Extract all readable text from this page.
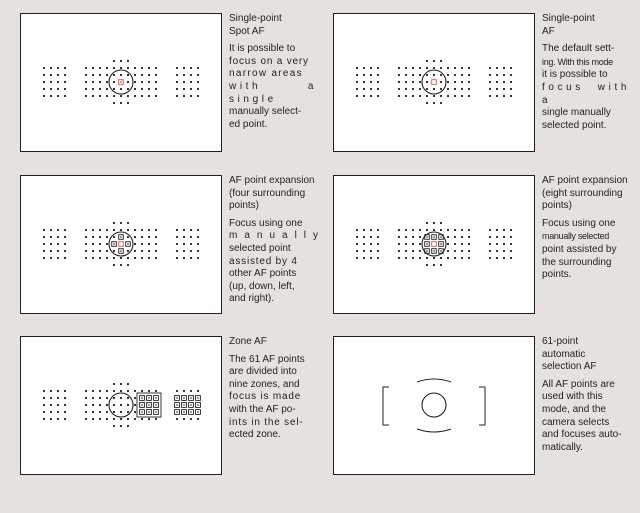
Single-point
Spot AF

It is possible to
focus on a very
narrow areas
with a single
manually select-
ed point.

Single-point
AF

The default sett-
ing. With this mode
it is possible to
focus with a
single manually
selected point.

AF point expansion
(four surrounding
points)

Focus using one
manually
selected point
assisted by 4
other AF points
(up, down, left,
and right).

AF point expansion
(eight surrounding
points)

Focus using one
manually selected
point assisted by
the surrounding
points.

Zone AF

The 61 AF points
are divided into
nine zones, and
focus is made
with the AF po-
ints in the sel-
ected zone.

61-point
automatic
selection AF

All AF points are
used with this
mode, and the
camera selects
and focuses auto-
matically.
